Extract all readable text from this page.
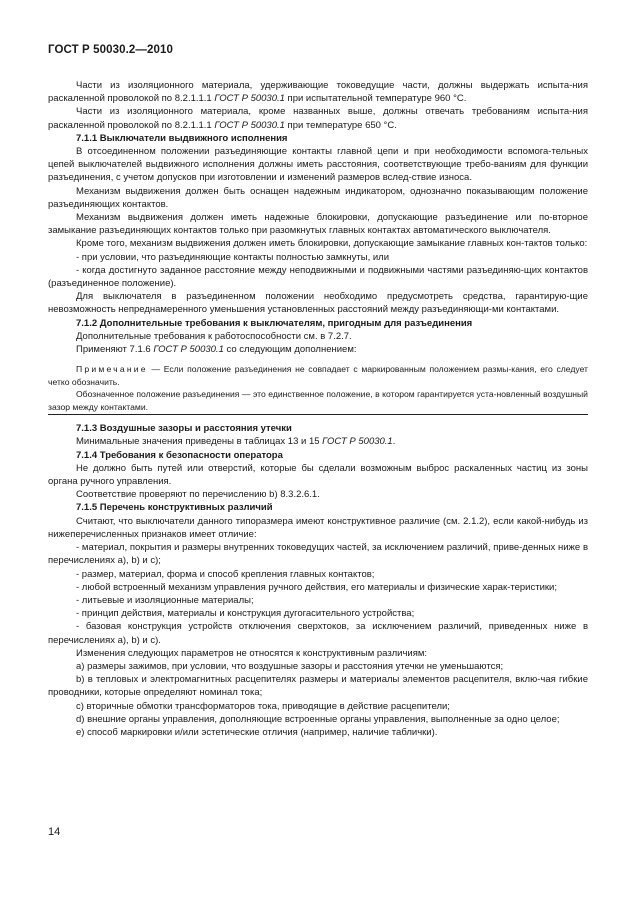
ГОСТ Р 50030.2—2010

Части из изоляционного материала, удерживающие токоведущие части, должны выдержать испыта-ния раскаленной проволокой по 8.2.1.1.1 ГОСТ Р 50030.1 при испытательной температуре 960 °С.

Части из изоляционного материала, кроме названных выше, должны отвечать требованиям испыта-ния раскаленной проволокой по 8.2.1.1.1 ГОСТ Р 50030.1 при температуре 650 °С.

7.1.1 Выключатели выдвижного исполнения

В отсоединенном положении разъединяющие контакты главной цепи и при необходимости вспомога-тельных цепей выключателей выдвижного исполнения должны иметь расстояния, соответствующие требо-ваниям для функции разъединения, с учетом допусков при изготовлении и изменений размеров вслед-ствие износа.

Механизм выдвижения должен быть оснащен надежным индикатором, однозначно показывающим положение разъединяющих контактов.

Механизм выдвижения должен иметь надежные блокировки, допускающие разъединение или по-вторное замыкание разъединяющих контактов только при разомкнутых главных контактах автоматического выключателя.

Кроме того, механизм выдвижения должен иметь блокировки, допускающие замыкание главных кон-тактов только:

- при условии, что разъединяющие контакты полностью замкнуты, или

- когда достигнуто заданное расстояние между неподвижными и подвижными частями разъединяю-щих контактов (разъединенное положение).

Для выключателя в разъединенном положении необходимо предусмотреть средства, гарантирую-щие невозможность непреднамеренного уменьшения установленных расстояний между разъединяющи-ми контактами.

7.1.2 Дополнительные требования к выключателям, пригодным для разъединения

Дополнительные требования к работоспособности см. в 7.2.7.

Применяют 7.1.6 ГОСТ Р 50030.1 со следующим дополнением:

Примечание — Если положение разъединения не совпадает с маркированным положением размы-кания, его следует четко обозначить.

Обозначенное положение разъединения — это единственное положение, в котором гарантируется уста-новленный воздушный зазор между контактами.

7.1.3 Воздушные зазоры и расстояния утечки

Минимальные значения приведены в таблицах 13 и 15 ГОСТ Р 50030.1.

7.1.4 Требования к безопасности оператора

Не должно быть путей или отверстий, которые бы сделали возможным выброс раскаленных частиц из зоны органа ручного управления.

Соответствие проверяют по перечислению b) 8.3.2.6.1.

7.1.5 Перечень конструктивных различий

Считают, что выключатели данного типоразмера имеют конструктивное различие (см. 2.1.2), если какой-нибудь из нижеперечисленных признаков имеет отличие:

- материал, покрытия и размеры внутренних токоведущих частей, за исключением различий, приве-денных ниже в перечислениях а), b) и с);

- размер, материал, форма и способ крепления главных контактов;

- любой встроенный механизм управления ручного действия, его материалы и физические харак-теристики;

- литьевые и изоляционные материалы;

- принцип действия, материалы и конструкция дугогасительного устройства;

- базовая конструкция устройств отключения сверхтоков, за исключением различий, приведенных ниже в перечислениях а), b) и с).

Изменения следующих параметров не относятся к конструктивным различиям:

а) размеры зажимов, при условии, что воздушные зазоры и расстояния утечки не уменьшаются;

b) в тепловых и электромагнитных расцепителях размеры и материалы элементов расцепителя, вклю-чая гибкие проводники, которые определяют номинал тока;

с) вторичные обмотки трансформаторов тока, приводящие в действие расцепители;

d) внешние органы управления, дополняющие встроенные органы управления, выполненные за одно целое;

е) способ маркировки и/или эстетические отличия (например, наличие таблички).

14
